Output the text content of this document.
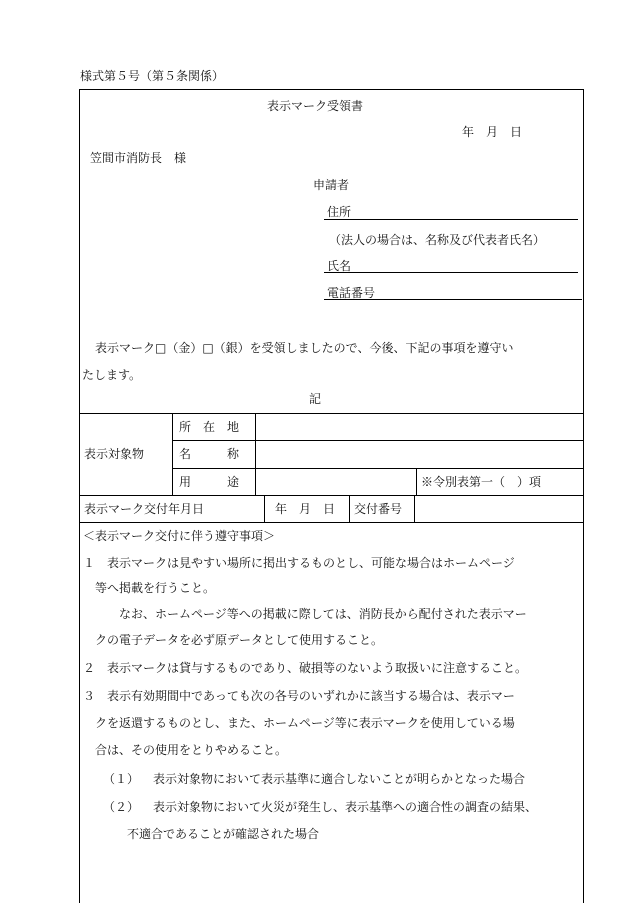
様式第５号（第５条関係）
表示マーク受領書
年　月　日
笠間市消防長　様
申請者
住所
（法人の場合は、名称及び代表者氏名）
氏名
電話番号
表示マーク□（金）□（銀）を受領しましたので、今後、下記の事項を遵守い
たします。
記
表示対象物
所　在　地
名　　　称
用　　　途	※令別表第一（　）項
表示マーク交付年月日	年　月　日 交付番号
＜表示マーク交付に伴う遵守事項＞
１　表示マークは見やすい場所に掲出するものとし、可能な場合はホームページ
等へ掲載を行うこと。
なお、ホームページ等への掲載に際しては、消防長から配付された表示マー
クの電子データを必ず原データとして使用すること。
２　表示マークは貸与するものであり、破損等のないよう取扱いに注意すること。
３　表示有効期間中であっても次の各号のいずれかに該当する場合は、表示マー
クを返還するものとし、また、ホームページ等に表示マークを使用している場
合は、その使用をとりやめること。
（１） 表示対象物において表示基準に適合しないことが明らかとなった場合
（２） 表示対象物において火災が発生し、表示基準への適合性の調査の結果、
不適合であることが確認された場合
